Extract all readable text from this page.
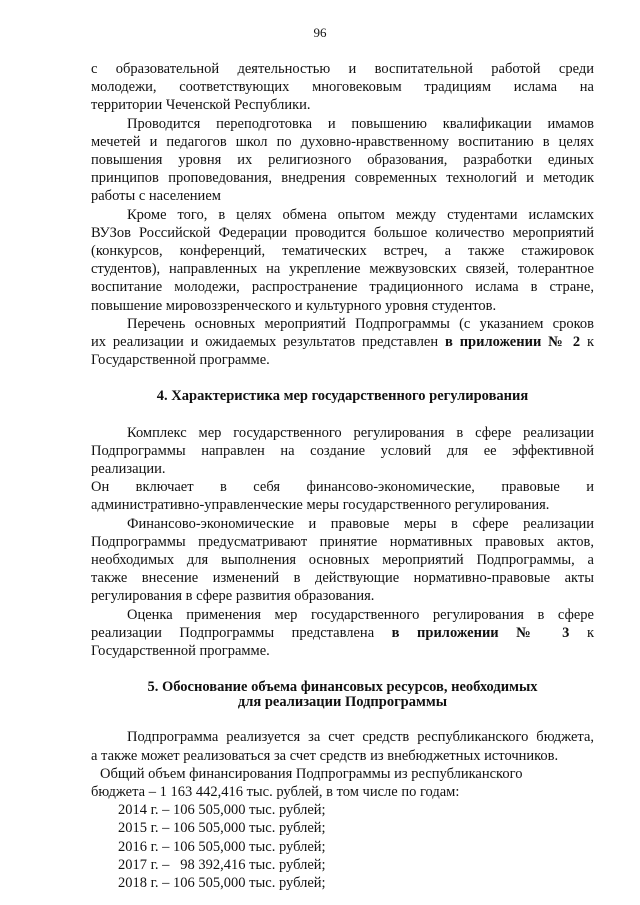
96

с образовательной деятельностью и воспитательной работой среди

молодежи, соответствующих многовековым традициям ислама на

территории Чеченской Республики.

Проводится переподготовка и повышению квалификации имамов

мечетей и педагогов школ по духовно-нравственному воспитанию в целях

повышения уровня их религиозного образования, разработки единых

принципов проповедования, внедрения современных технологий и методик

работы с населением

Кроме того, в целях обмена опытом между студентами исламских

ВУЗов Российской Федерации проводится большое количество мероприятий

(конкурсов, конференций, тематических встреч, а также стажировок

студентов), направленных на укрепление межвузовских связей, толерантное

воспитание молодежи, распространение традиционного ислама в стране,

повышение мировоззренческого и культурного уровня студентов.

Перечень основных мероприятий Подпрограммы (с указанием сроков

их реализации и ожидаемых результатов представлен в приложении № 2 к

Государственной программе.

4. Характеристика мер государственного регулирования

Комплекс мер государственного регулирования в сфере реализации

Подпрограммы направлен на создание условий для ее эффективной

реализации.

Он включает в себя финансово-экономические, правовые и

административно-управленческие меры государственного регулирования.

Финансово-экономические и правовые меры в сфере реализации

Подпрограммы предусматривают принятие нормативных правовых актов,

необходимых для выполнения основных мероприятий Подпрограммы, а

также внесение изменений в действующие нормативно-правовые акты

регулирования в сфере развития образования.

Оценка применения мер государственного регулирования в сфере

реализации Подпрограммы представлена в приложении № 3 к

Государственной программе.

5. Обоснование объема финансовых ресурсов, необходимых

для реализации Подпрограммы

Подпрограмма реализуется за счет средств республиканского бюджета,

а также может реализоваться за счет средств из внебюджетных источников.

Общий объем финансирования Подпрограммы из республиканского

бюджета – 1 163 442,416 тыс. рублей, в том числе по годам:

2014 г. – 106 505,000 тыс. рублей;

2015 г. – 106 505,000 тыс. рублей;

2016 г. – 106 505,000 тыс. рублей;

2017 г. –   98 392,416 тыс. рублей;

2018 г. – 106 505,000 тыс. рублей;
